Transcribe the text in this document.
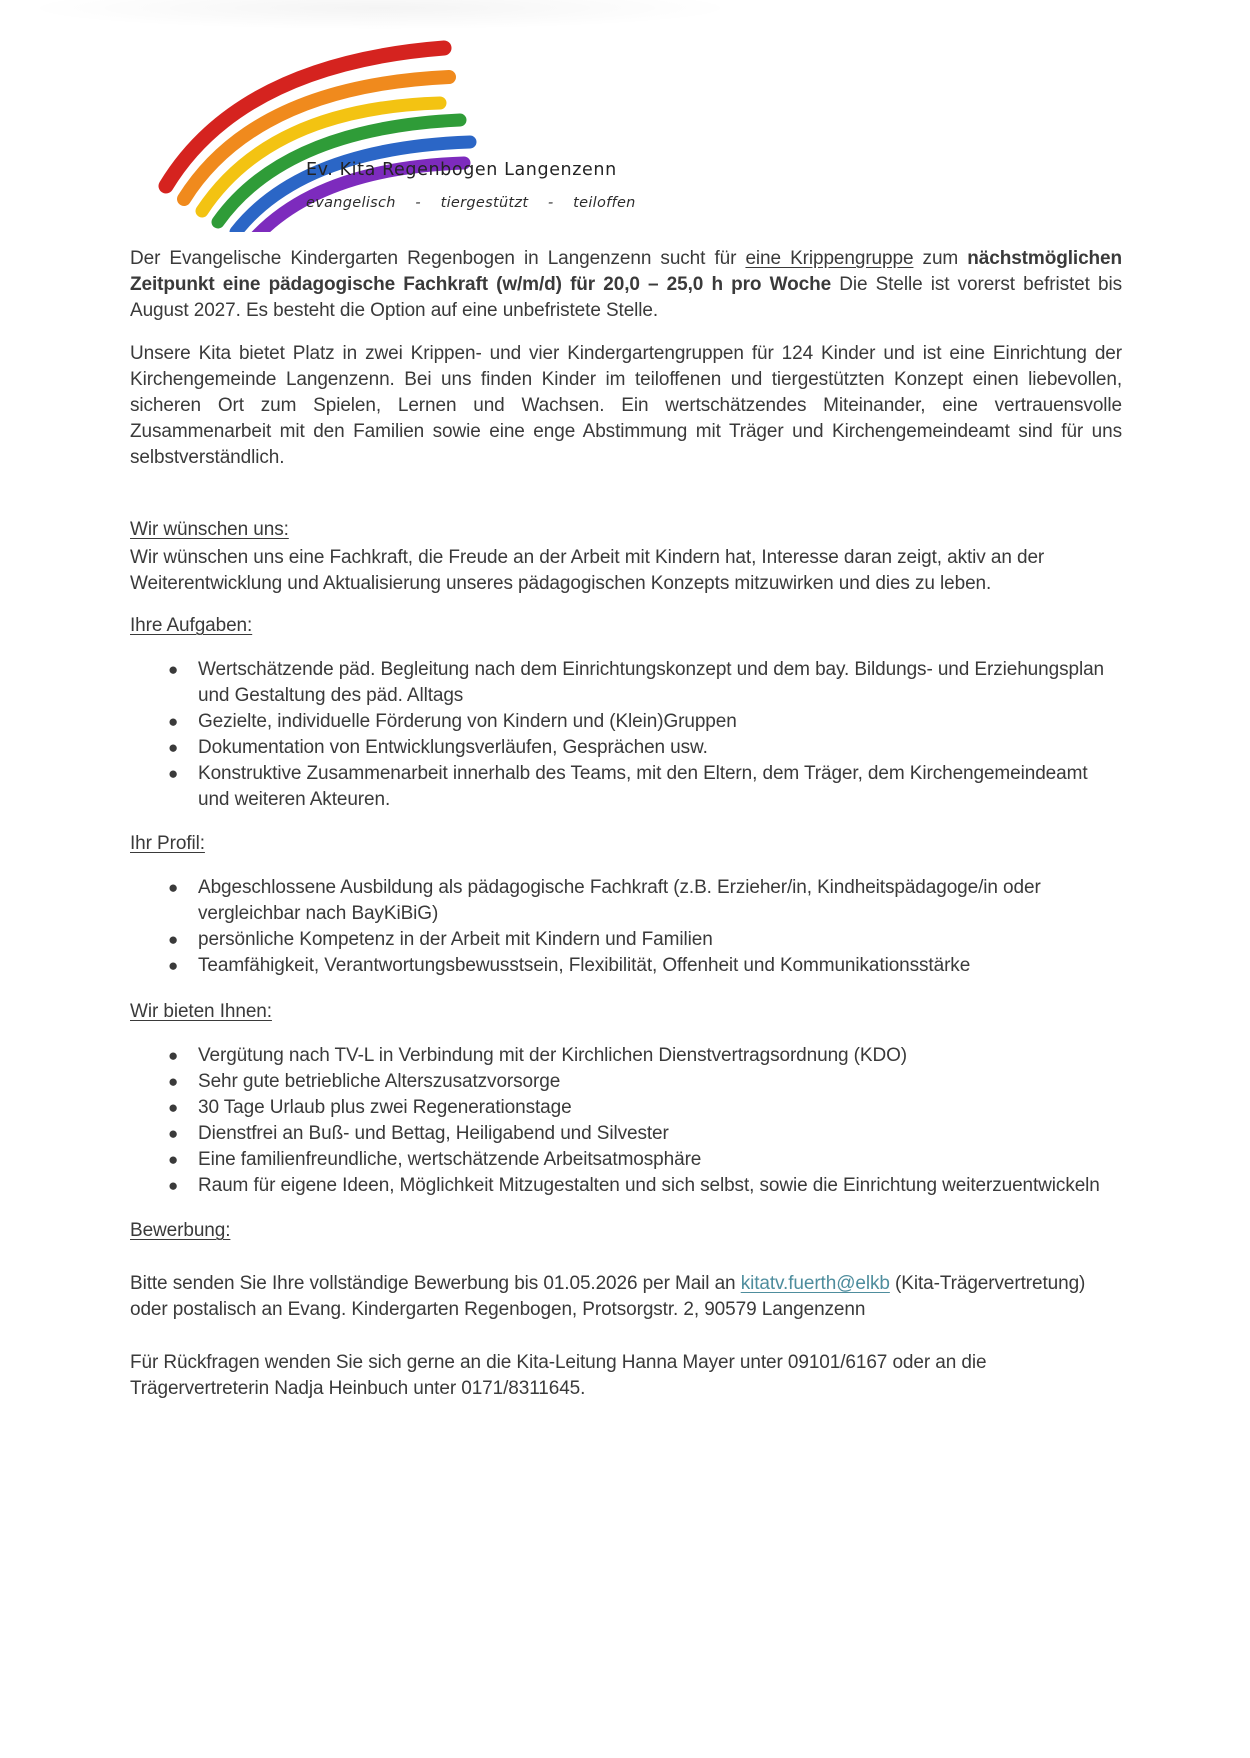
Ev. Kita Regenbogen Langenzenn
evangelisch    -    tiergestützt    -    teiloffen

Der Evangelische Kindergarten Regenbogen in Langenzenn sucht für eine Krippengruppe zum nächstmöglichen Zeitpunkt eine pädagogische Fachkraft (w/m/d) für 20,0 – 25,0 h pro Woche Die Stelle ist vorerst befristet bis August 2027. Es besteht die Option auf eine unbefristete Stelle.

Unsere Kita bietet Platz in zwei Krippen- und vier Kindergartengruppen für 124 Kinder und ist eine Einrichtung der Kirchengemeinde Langenzenn. Bei uns finden Kinder im teiloffenen und tiergestützten Konzept einen liebevollen, sicheren Ort zum Spielen, Lernen und Wachsen. Ein wertschätzendes Miteinander, eine vertrauensvolle Zusammenarbeit mit den Familien sowie eine enge Abstimmung mit Träger und Kirchengemeindeamt sind für uns selbstverständlich.

Wir wünschen uns:

Wir wünschen uns eine Fachkraft, die Freude an der Arbeit mit Kindern hat, Interesse daran zeigt, aktiv an der Weiterentwicklung und Aktualisierung unseres pädagogischen Konzepts mitzuwirken und dies zu leben.

Ihre Aufgaben:
●	Wertschätzende päd. Begleitung nach dem Einrichtungskonzept und dem bay. Bildungs- und Erziehungsplan und Gestaltung des päd. Alltags
●	Gezielte, individuelle Förderung von Kindern und (Klein)Gruppen
●	Dokumentation von Entwicklungsverläufen, Gesprächen usw.
●	Konstruktive Zusammenarbeit innerhalb des Teams, mit den Eltern, dem Träger, dem Kirchengemeindeamt und weiteren Akteuren.
Ihr Profil:
●	Abgeschlossene Ausbildung als pädagogische Fachkraft (z.B. Erzieher/in, Kindheitspädagoge/in oder vergleichbar nach BayKiBiG)
●	persönliche Kompetenz in der Arbeit mit Kindern und Familien
●	Teamfähigkeit, Verantwortungsbewusstsein, Flexibilität, Offenheit und Kommunikationsstärke
Wir bieten Ihnen:
●	Vergütung nach TV-L in Verbindung mit der Kirchlichen Dienstvertragsordnung (KDO)
●	Sehr gute betriebliche Alterszusatzvorsorge
●	30 Tage Urlaub plus zwei Regenerationstage
●	Dienstfrei an Buß- und Bettag, Heiligabend und Silvester
●	Eine familienfreundliche, wertschätzende Arbeitsatmosphäre
●	Raum für eigene Ideen, Möglichkeit Mitzugestalten und sich selbst, sowie die Einrichtung weiterzuentwickeln
Bewerbung:

Bitte senden Sie Ihre vollständige Bewerbung bis 01.05.2026 per Mail an kitatv.fuerth@elkb (Kita-Trägervertretung) oder postalisch an Evang. Kindergarten Regenbogen, Protsorgstr. 2, 90579 Langenzenn

Für Rückfragen wenden Sie sich gerne an die Kita-Leitung Hanna Mayer unter 09101/6167 oder an die Trägervertreterin Nadja Heinbuch unter 0171/8311645.
